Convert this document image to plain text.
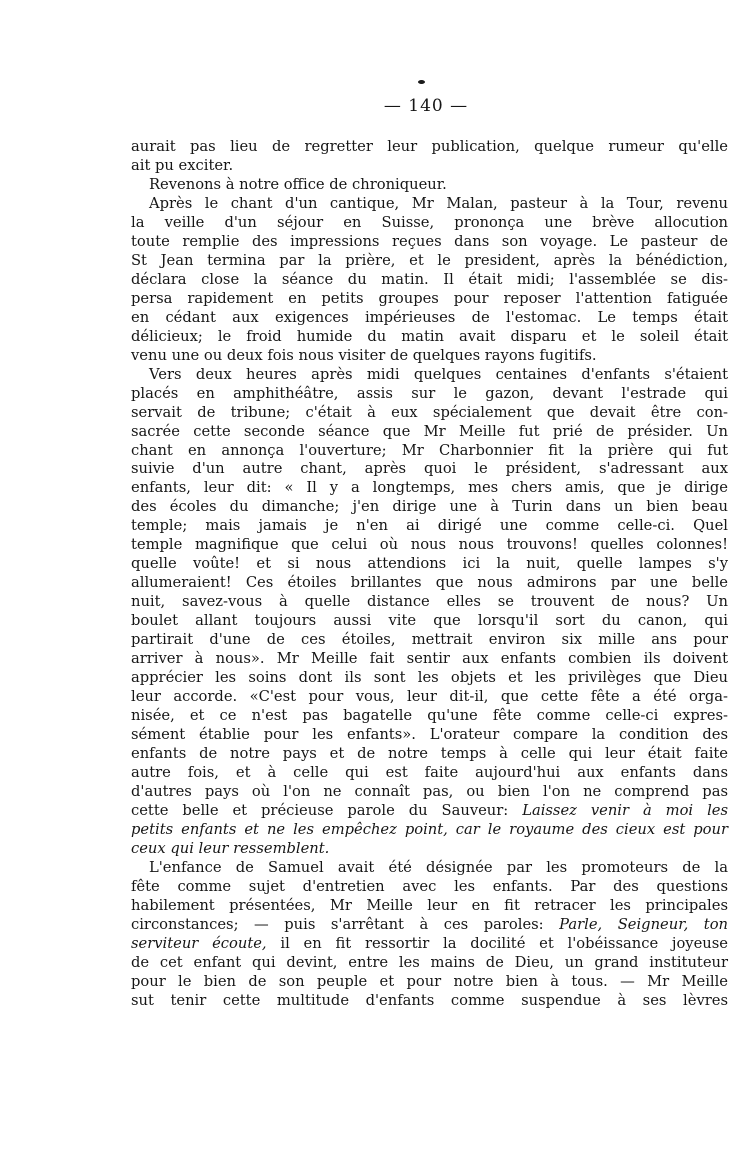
— 140 —
aurait pas lieu de regretter leur publication, quelque rumeur qu'elle
ait pu exciter.
Revenons à notre office de chroniqueur.
Après le chant d'un cantique, Mr Malan, pasteur à la Tour, revenu
la veille d'un séjour en Suisse, prononça une brève allocution
toute remplie des impressions reçues dans son voyage. Le pasteur de
St Jean termina par la prière, et le president, après la bénédiction,
déclara close la séance du matin. Il était midi; l'assemblée se dis-
persa rapidement en petits groupes pour reposer l'attention fatiguée
en cédant aux exigences impérieuses de l'estomac. Le temps était
délicieux; le froid humide du matin avait disparu et le soleil était
venu une ou deux fois nous visiter de quelques rayons fugitifs.
Vers deux heures après midi quelques centaines d'enfants s'étaient
placés en amphithéâtre, assis sur le gazon, devant l'estrade qui
servait de tribune; c'était à eux spécialement que devait être con-
sacrée cette seconde séance que Mr Meille fut prié de présider. Un
chant en annonça l'ouverture; Mr Charbonnier fit la prière qui fut
suivie d'un autre chant, après quoi le président, s'adressant aux
enfants, leur dit: « Il y a longtemps, mes chers amis, que je dirige
des écoles du dimanche; j'en dirige une à Turin dans un bien beau
temple; mais jamais je n'en ai dirigé une comme celle-ci. Quel
temple magnifique que celui où nous nous trouvons! quelles colonnes!
quelle voûte! et si nous attendions ici la nuit, quelle lampes s'y
allumeraient! Ces étoiles brillantes que nous admirons par une belle
nuit, savez-vous à quelle distance elles se trouvent de nous? Un
boulet allant toujours aussi vite que lorsqu'il sort du canon, qui
partirait d'une de ces étoiles, mettrait environ six mille ans pour
arriver à nous». Mr Meille fait sentir aux enfants combien ils doivent
apprécier les soins dont ils sont les objets et les privilèges que Dieu
leur accorde. «C'est pour vous, leur dit-il, que cette fête a été orga-
nisée, et ce n'est pas bagatelle qu'une fête comme celle-ci expres-
sément établie pour les enfants». L'orateur compare la condition des
enfants de notre pays et de notre temps à celle qui leur était faite
autre fois, et à celle qui est faite aujourd'hui aux enfants dans
d'autres pays où l'on ne connaît pas, ou bien l'on ne comprend pas
cette belle et précieuse parole du Sauveur: Laissez venir à moi les
petits enfants et ne les empêchez point, car le royaume des cieux est pour
ceux qui leur ressemblent.
L'enfance de Samuel avait été désignée par les promoteurs de la
fête comme sujet d'entretien avec les enfants. Par des questions
habilement présentées, Mr Meille leur en fit retracer les principales
circonstances; — puis s'arrêtant à ces paroles: Parle, Seigneur, ton
serviteur écoute, il en fit ressortir la docilité et l'obéissance joyeuse
de cet enfant qui devint, entre les mains de Dieu, un grand instituteur
pour le bien de son peuple et pour notre bien à tous. — Mr Meille
sut tenir cette multitude d'enfants comme suspendue à ses lèvres
